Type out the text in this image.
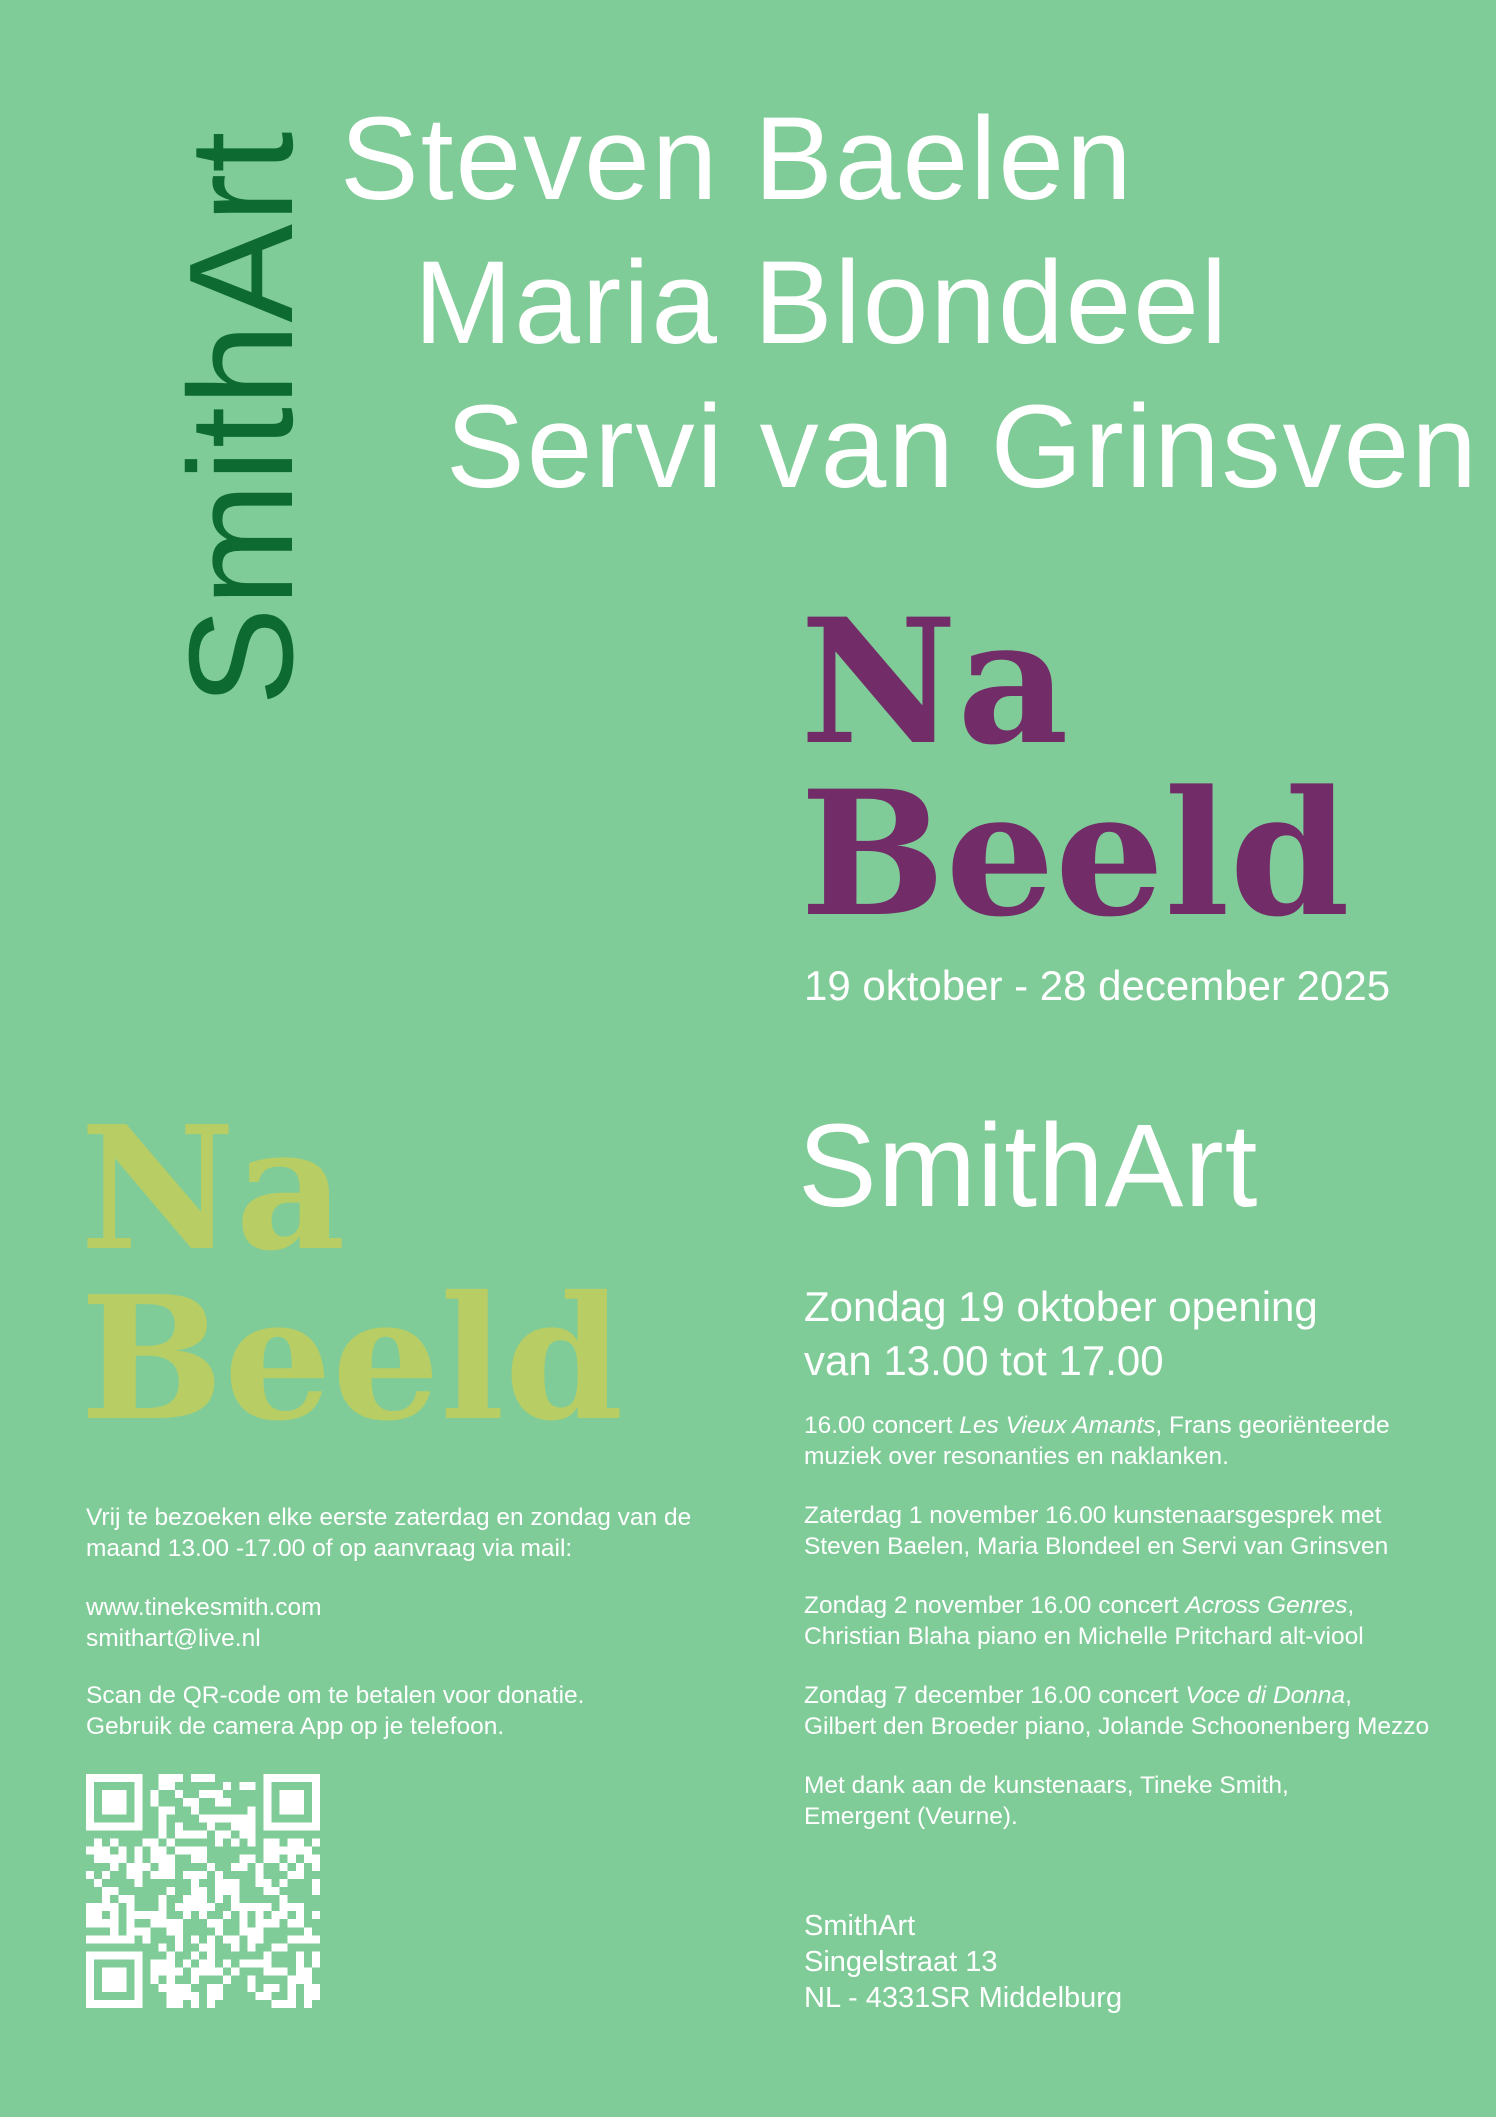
SmithArt Steven Baelen
Maria Blondeel
Servi van Grinsven
Na
Beeld
19 oktober - 28 december 2025
SmithArt
Zondag 19 oktober opening
van 13.00 tot 17.00
16.00 concert Les Vieux Amants, Frans georiënteerde
muziek over resonanties en naklanken.
Zaterdag 1 november 16.00 kunstenaarsgesprek met
Steven Baelen, Maria Blondeel en Servi van Grinsven
Zondag 2 november 16.00 concert Across Genres,
Christian Blaha piano en Michelle Pritchard alt-viool
Zondag 7 december 16.00 concert Voce di Donna,
Gilbert den Broeder piano, Jolande Schoonenberg Mezzo
Met dank aan de kunstenaars, Tineke Smith,
Emergent (Veurne).
SmithArt
Singelstraat 13
NL - 4331SR Middelburg
Na
Beeld
Vrij te bezoeken elke eerste zaterdag en zondag van de
maand 13.00 -17.00 of op aanvraag via mail:
www.tinekesmith.com
smithart@live.nl
Scan de QR-code om te betalen voor donatie.
Gebruik de camera App op je telefoon.
